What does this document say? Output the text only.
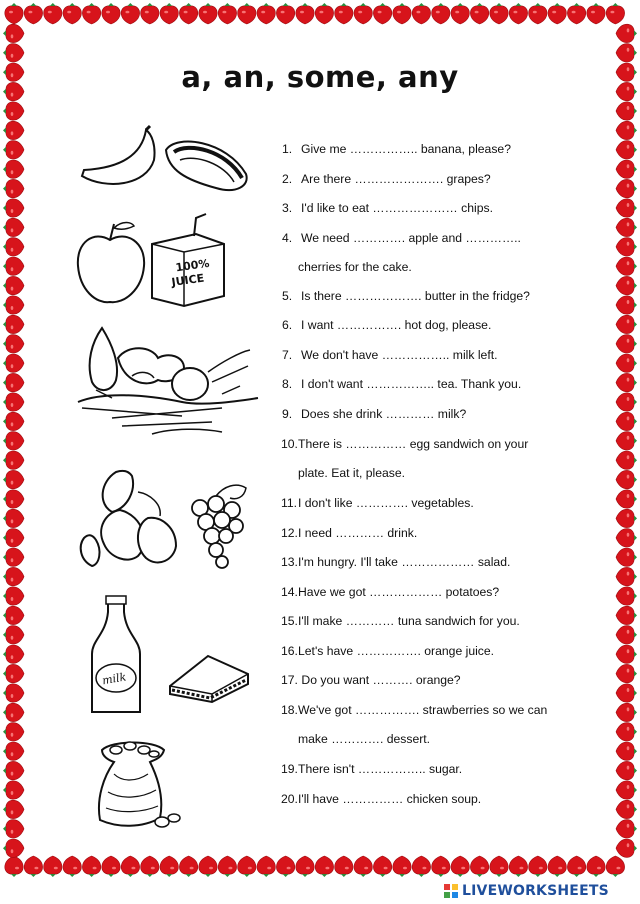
a, an, some, any
100%
JUICE
milk
1. Give me …………….. banana, please?
2. Are there …………………. grapes?
3. I'd like to eat ………………… chips.
4. We need …………. apple and …………..
cherries for the cake.
5. Is there ………………. butter in the fridge?
6. I want ……………. hot dog, please.
7. We don't have …………….. milk left.
8. I don't want …………….. tea. Thank you.
9. Does she drink ………… milk?
10.There is …………… egg sandwich on your
plate. Eat it, please.
11.I don't like …………. vegetables.
12.I need ………… drink.
13.I'm hungry. I'll take ……………… salad.
14.Have we got ……………… potatoes?
15.I'll make ………… tuna sandwich for you.
16.Let's have ……………. orange juice.
17. Do you want ………. orange?
18.We've got ……………. strawberries so we can
make …………. dessert.
19.There isn't …………….. sugar.
20.I'll have …………… chicken soup.
LIVEWORKSHEETS
